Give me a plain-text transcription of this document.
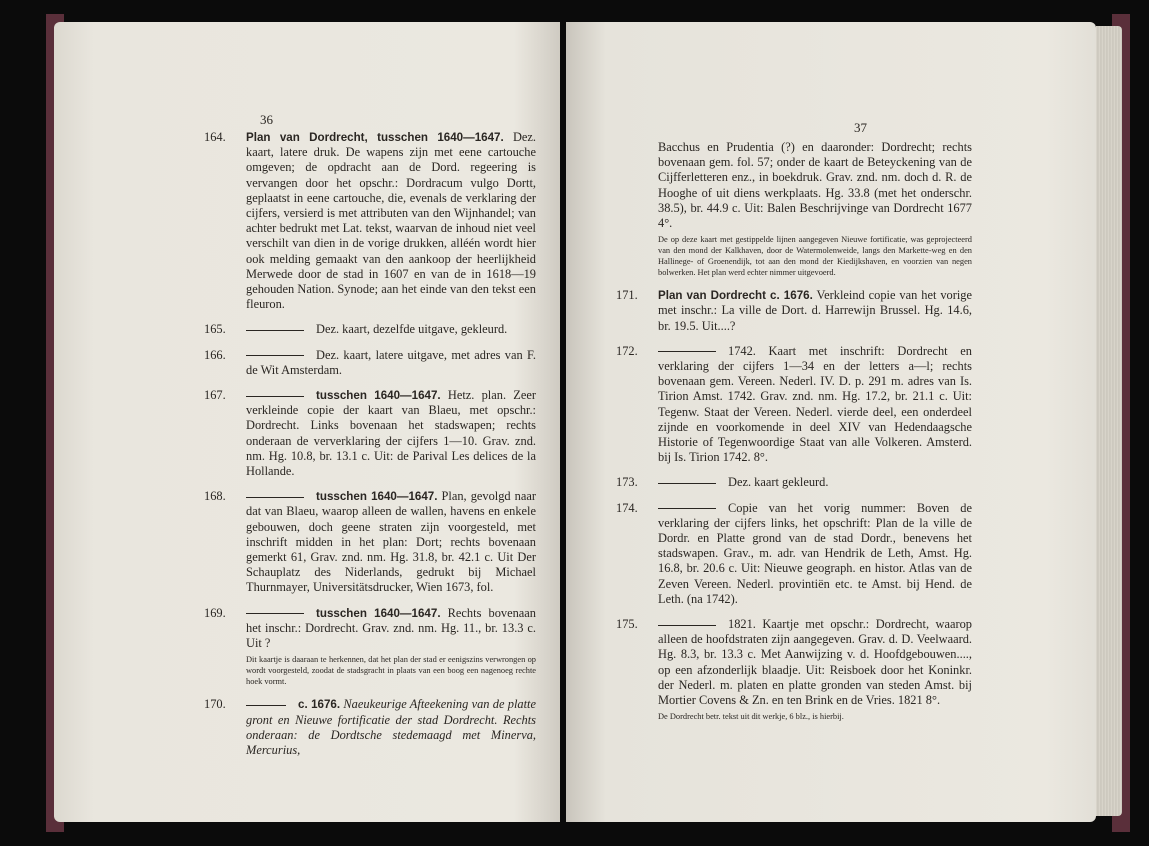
36
164. Plan van Dordrecht, tusschen 1640—1647. Dez. kaart, latere druk. De wapens zijn met eene cartouche omgeven; de opdracht aan de Dord. regeering is vervangen door het opschr.: Dordracum vulgo Dortt, geplaatst in eene cartouche, die, evenals de verklaring der cijfers, versierd is met attributen van den Wijnhandel; van achter bedrukt met Lat. tekst, waarvan de inhoud niet veel verschilt van dien in de vorige drukken, alléén wordt hier ook melding gemaakt van den aankoop der heerlijkheid Merwede door de stad in 1607 en van de in 1618—19 gehouden Nation. Synode; aan het einde van den tekst een fleuron.

165.	Dez. kaart, dezelfde uitgave, gekleurd.

166.	Dez. kaart, latere uitgave, met adres van F. de Wit Amsterdam.

167.	tusschen 1640—1647. Hetz. plan. Zeer verkleinde copie der kaart van Blaeu, met opschr.: Dordrecht. Links bovenaan het stadswapen; rechts onderaan de ververklaring der cijfers 1—10. Grav. znd. nm. Hg. 10.8, br. 13.1 c. Uit: de Parival Les delices de la Hollande.

168.	tusschen 1640—1647. Plan, gevolgd naar dat van Blaeu, waarop alleen de wallen, havens en enkele gebouwen, doch geene straten zijn voorgesteld, met inschrift midden in het plan: Dort; rechts bovenaan gemerkt 61, Grav. znd. nm. Hg. 31.8, br. 42.1 c. Uit Der Schauplatz des Niderlands, gedrukt bij Michael Thurnmayer, Universitätsdrucker, Wien 1673, fol.

169.	tusschen 1640—1647. Rechts bovenaan het inschr.: Dordrecht. Grav. znd. nm. Hg. 11., br. 13.3 c. Uit ?

Dit kaartje is daaraan te herkennen, dat het plan der stad er eenigszins verwrongen op wordt voorgesteld, zoodat de stadsgracht in plaats van een boog een nagenoeg rechte hoek vormt.

170.	c. 1676. Naeukeurige Afteekening van de platte gront en Nieuwe fortificatie der stad Dordrecht. Rechts onderaan: de Dordtsche stedemaagd met Minerva, Mercurius,

37

Bacchus en Prudentia (?) en daaronder: Dordrecht; rechts bovenaan gem. fol. 57; onder de kaart de Beteyckening van de Cijfferletteren enz., in boekdruk. Grav. znd. nm. doch d. R. de Hooghe of uit diens werkplaats. Hg. 33.8 (met het onderschr. 38.5), br. 44.9 c. Uit: Balen Beschrijvinge van Dordrecht 1677 4°.

De op deze kaart met gestippelde lijnen aangegeven Nieuwe fortificatie, was geprojecteerd van den mond der Kalkhaven, door de Watermolenweide, langs den Markette-weg en den Hallinege- of Groenendijk, tot aan den mond der Kiedijkshaven, en voorzien van negen bolwerken. Het plan werd echter nimmer uitgevoerd.

171. Plan van Dordrecht c. 1676. Verkleind copie van het vorige met inschr.: La ville de Dort. d. Harrewijn Brussel. Hg. 14.6, br. 19.5. Uit....?

172.	1742. Kaart met inschrift: Dordrecht en verklaring der cijfers 1—34 en der letters a—l; rechts bovenaan gem. Vereen. Nederl. IV. D. p. 291 m. adres van Is. Tirion Amst. 1742. Grav. znd. nm. Hg. 17.2, br. 21.1 c. Uit: Tegenw. Staat der Vereen. Nederl. vierde deel, een onderdeel zijnde en voorkomende in deel XIV van Hedendaagsche Historie of Tegenwoordige Staat van alle Volkeren. Amsterd. bij Is. Tirion 1742. 8°.

173.	Dez. kaart gekleurd.

174.	Copie van het vorig nummer: Boven de verklaring der cijfers links, het opschrift: Plan de la ville de Dordr. en Platte grond van de stad Dordr., benevens het stadswapen. Grav., m. adr. van Hendrik de Leth, Amst. Hg. 16.8, br. 20.6 c. Uit: Nieuwe geograph. en histor. Atlas van de Zeven Vereen. Nederl. provintiën etc. te Amst. bij Hend. de Leth. (na 1742).

175.	1821. Kaartje met opschr.: Dordrecht, waarop alleen de hoofdstraten zijn aangegeven. Grav. d. D. Veelwaard. Hg. 8.3, br. 13.3 c. Met Aanwijzing v. d. Hoofdgebouwen...., op een afzonderlijk blaadje. Uit: Reisboek door het Koninkr. der Nederl. m. platen en platte gronden van steden Amst. bij Mortier Covens & Zn. en ten Brink en de Vries. 1821 8°.

De Dordrecht betr. tekst uit dit werkje, 6 blz., is hierbij.
